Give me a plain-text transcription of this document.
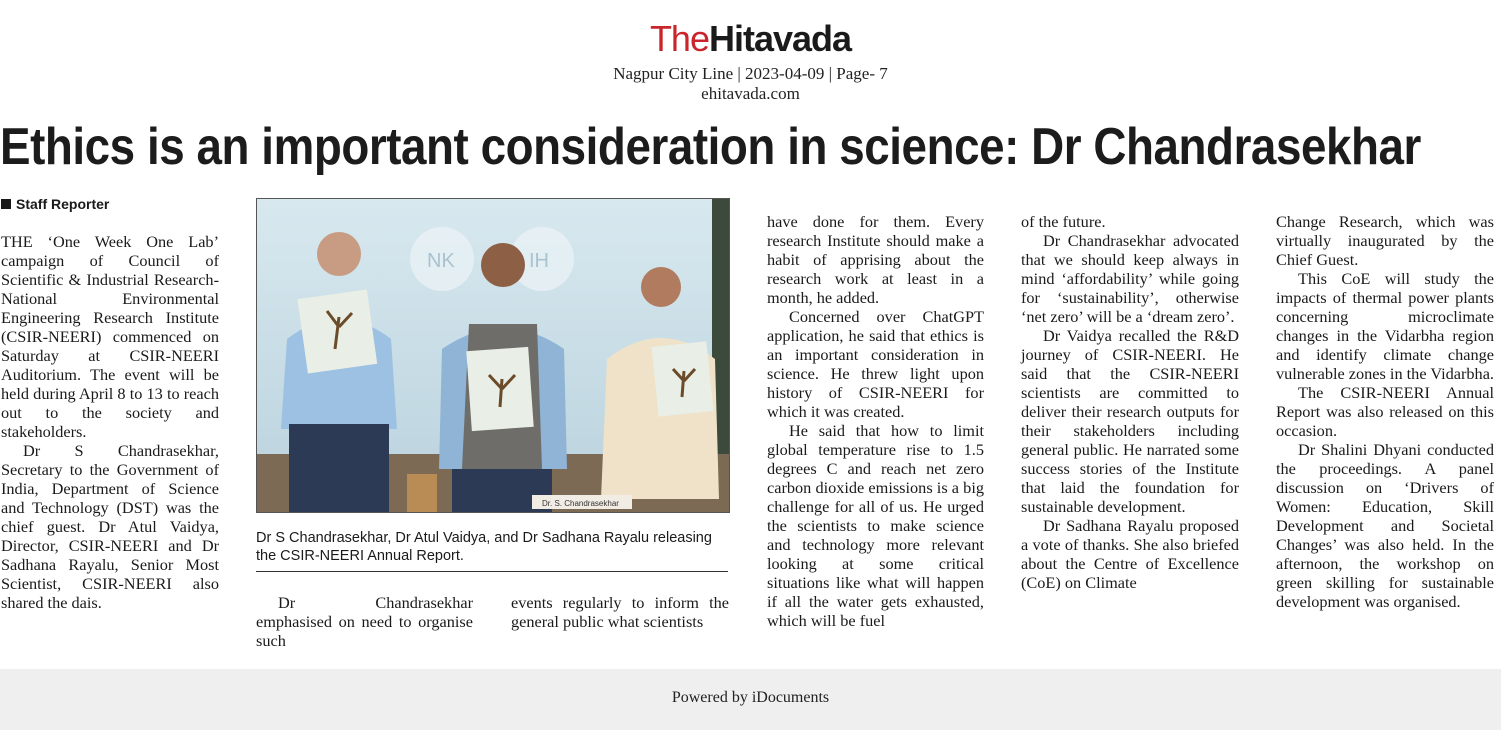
TheHitavada
Nagpur City Line | 2023-04-09 | Page- 7
ehitavada.com
Ethics is an important consideration in science: Dr Chandrasekhar
Staff Reporter

THE ‘One Week One Lab’ campaign of Council of Scientific & Industrial Research-National Environmental Engineering Research Institute (CSIR-NEERI) commenced on Saturday at CSIR-NEERI Auditorium. The event will be held during April 8 to 13 to reach out to the society and stakeholders.

Dr S Chandrasekhar, Secretary to the Government of India, Department of Science and Technology (DST) was the chief guest. Dr Atul Vaidya, Director, CSIR-NEERI and Dr Sadhana Rayalu, Senior Most Scientist, CSIR-NEERI also shared the dais.

NK	IH
Dr. S. Chandrasekhar
Dr S Chandrasekhar, Dr Atul Vaidya, and Dr Sadhana Rayalu releasing the CSIR-NEERI Annual Report.

Dr Chandrasekhar emphasised on need to organise such

events regularly to inform the general public what scientists

have done for them. Every research Institute should make a habit of apprising about the research work at least in a month, he added.

Concerned over ChatGPT application, he said that ethics is an important consideration in science. He threw light upon history of CSIR-NEERI for which it was created.

He said that how to limit global temperature rise to 1.5 degrees C and reach net zero carbon dioxide emissions is a big challenge for all of us. He urged the scientists to make science and technology more relevant looking at some critical situations like what will happen if all the water gets exhausted, which will be fuel

of the future.

Dr Chandrasekhar advocated that we should keep always in mind ‘affordability’ while going for ‘sustainability’, otherwise ‘net zero’ will be a ‘dream zero’.

Dr Vaidya recalled the R&D journey of CSIR-NEERI. He said that the CSIR-NEERI scientists are committed to deliver their research outputs for their stakeholders including general public. He narrated some success stories of the Institute that laid the foundation for sustainable development.

Dr Sadhana Rayalu proposed a vote of thanks. She also briefed about the Centre of Excellence (CoE) on Climate

Change Research, which was virtually inaugurated by the Chief Guest.

This CoE will study the impacts of thermal power plants concerning microclimate changes in the Vidarbha region and identify climate change vulnerable zones in the Vidarbha.

The CSIR-NEERI Annual Report was also released on this occasion.

Dr Shalini Dhyani conducted the proceedings. A panel discussion on ‘Drivers of Women: Education, Skill Development and Societal Changes’ was also held. In the afternoon, the workshop on green skilling for sustainable development was organised.

Powered by iDocuments
